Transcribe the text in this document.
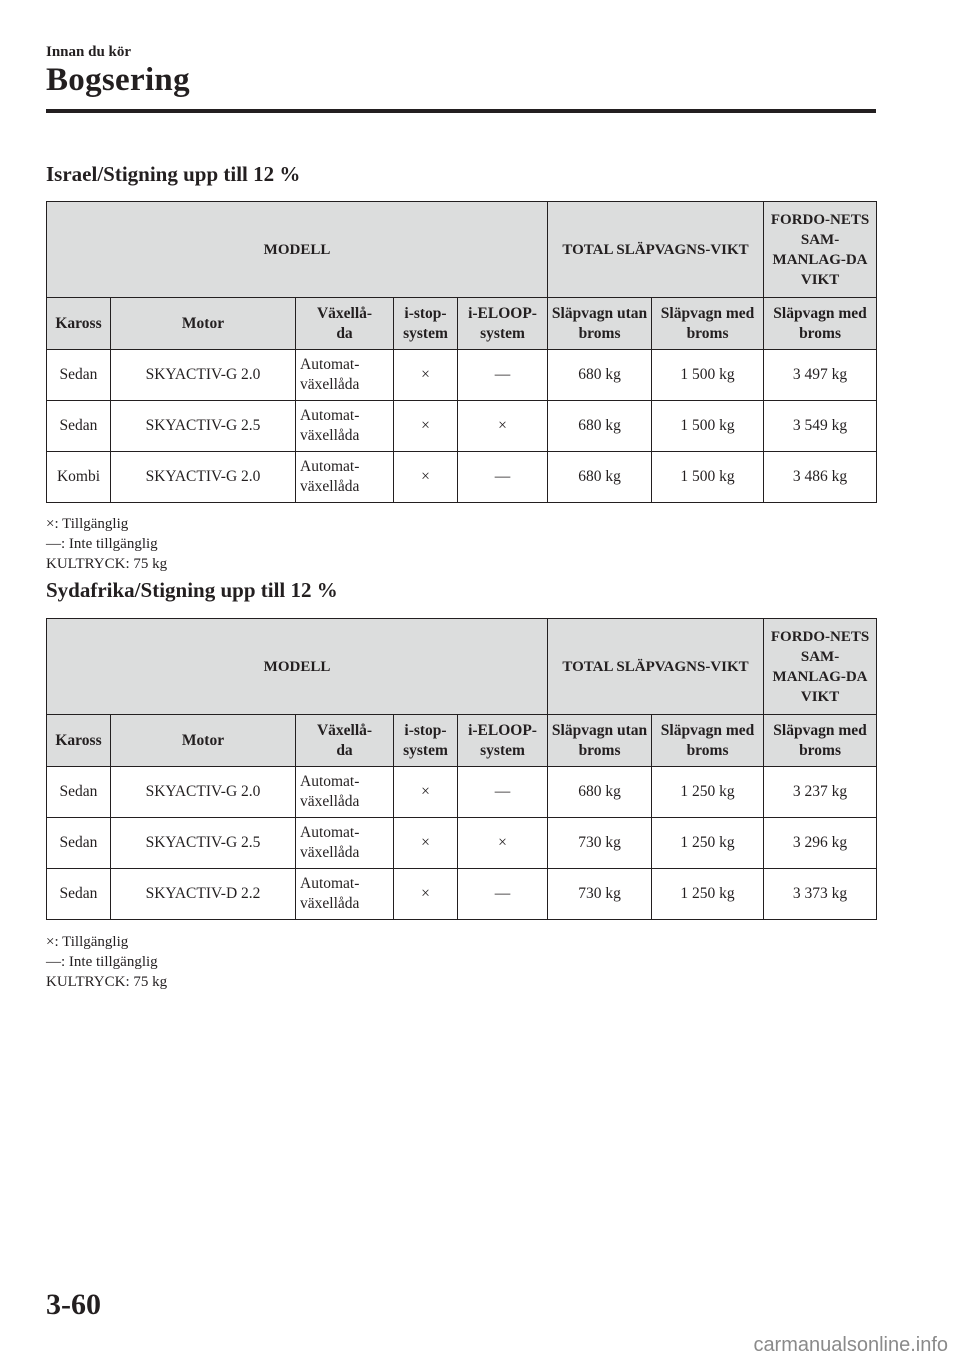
Innan du kör

Bogsering
Israel/Stigning upp till 12 %
MODELL					TOTAL SLÄPVAGNS-VIKT		FORDO-NETS SAM-MANLAG-DA VIKT
Kaross	Motor	Växellå-da	i-stop-system	i-ELOOP-system	Släpvagn utan broms	Släpvagn med broms	Släpvagn med broms
Sedan	SKYACTIV-G 2.0	Automat-växellåda	×	—	680 kg	1 500 kg	3 497 kg
Sedan	SKYACTIV-G 2.5	Automat-växellåda	×	×	680 kg	1 500 kg	3 549 kg
Kombi	SKYACTIV-G 2.0	Automat-växellåda	×	—	680 kg	1 500 kg	3 486 kg
×: Tillgänglig
—: Inte tillgänglig
KULTRYCK: 75 kg
Sydafrika/Stigning upp till 12 %
MODELL					TOTAL SLÄPVAGNS-VIKT		FORDO-NETS SAM-MANLAG-DA VIKT
Kaross	Motor	Växellå-da	i-stop-system	i-ELOOP-system	Släpvagn utan broms	Släpvagn med broms	Släpvagn med broms
Sedan	SKYACTIV-G 2.0	Automat-växellåda	×	—	680 kg	1 250 kg	3 237 kg
Sedan	SKYACTIV-G 2.5	Automat-växellåda	×	×	730 kg	1 250 kg	3 296 kg
Sedan	SKYACTIV-D 2.2	Automat-växellåda	×	—	730 kg	1 250 kg	3 373 kg
×: Tillgänglig
—: Inte tillgänglig
KULTRYCK: 75 kg

3-60

carmanualsonline.info
